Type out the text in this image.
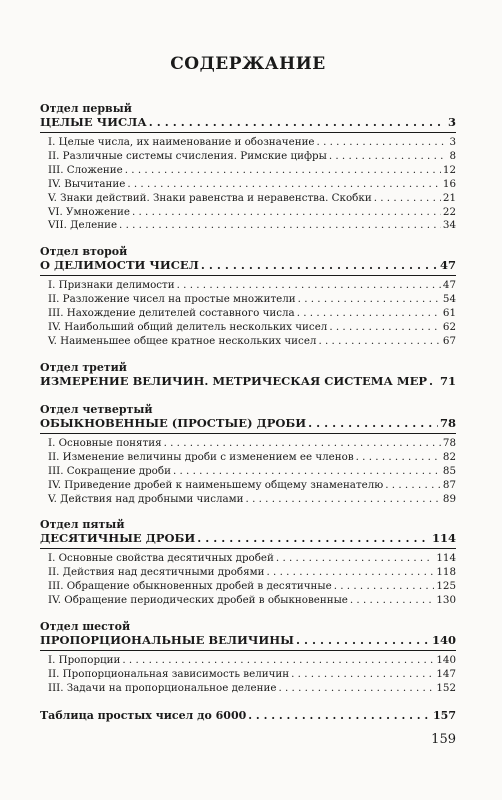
СОДЕРЖАНИЕ
Отдел первый
ЦЕЛЫЕ ЧИСЛА . . .	3
I. Целые числа, их наименование и обозначение . . .	3
II. Различные системы счисления. Римские цифры . . .	8
III. Сложение . . .	12
IV. Вычитание . . .	16
V. Знаки действий. Знаки равенства и неравенства. Скобки . . .	21
VI. Умножение . . .	22
VII. Деление . . .	34
Отдел второй
О ДЕЛИМОСТИ ЧИСЕЛ . . .	47
I. Признаки делимости . . .	47
II. Разложение чисел на простые множители . . .	54
III. Нахождение делителей составного числа . . .	61
IV. Наибольший общий делитель нескольких чисел . . .	62
V. Наименьшее общее кратное нескольких чисел . . .	67
Отдел третий
ИЗМЕРЕНИЕ ВЕЛИЧИН. МЕТРИЧЕСКАЯ СИСТЕМА МЕР . . . 71
Отдел четвертый
ОБЫКНОВЕННЫЕ (ПРОСТЫЕ) ДРОБИ . . .	78
I. Основные понятия . . .	78
II. Изменение величины дроби с изменением ее членов . . .	82
III. Сокращение дроби . . .	85
IV. Приведение дробей к наименьшему общему знаменателю . . .	87
V. Действия над дробными числами . . .	89
Отдел пятый
ДЕСЯТИЧНЫЕ ДРОБИ . . .	114
I. Основные свойства десятичных дробей . . .	114
II. Действия над десятичными дробями . . .	118
III. Обращение обыкновенных дробей в десятичные . . .	125
IV. Обращение периодических дробей в обыкновенные . . .	130
Отдел шестой
ПРОПОРЦИОНАЛЬНЫЕ ВЕЛИЧИНЫ . . .	140
I. Пропорции . . .	140
II. Пропорциональная зависимость величин . . .	147
III. Задачи на пропорциональное деление . . .	152
Таблица простых чисел до 6000 . . .	157
159
